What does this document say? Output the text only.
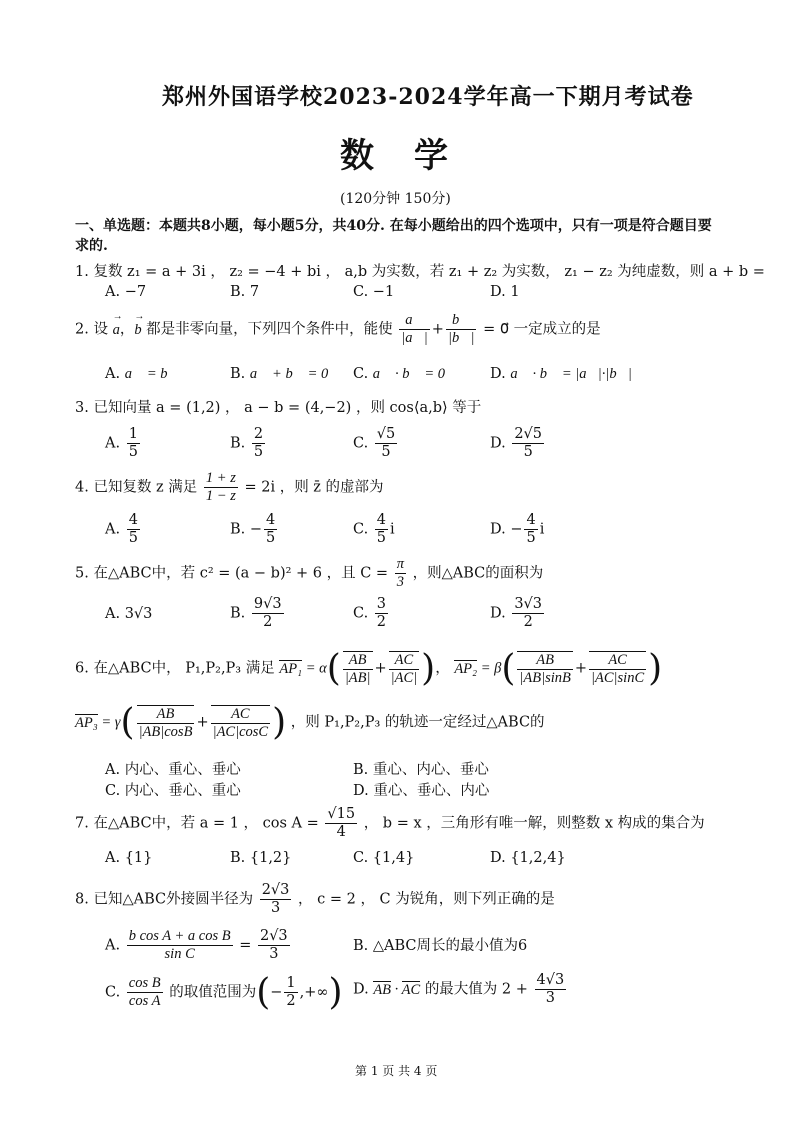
郑州外国语学校2023-2024学年高一下期月考试卷
数学
(120分钟 150分)
一、单选题：本题共8小题，每小题5分，共40分. 在每小题给出的四个选项中，只有一项是符合题目要求的.
1. 复数 z₁ = a + 3i ， z₂ = −4 + bi ， a,b 为实数，若 z₁ + z₂ 为实数， z₁ − z₂ 为纯虚数，则 a + b =
A. −7	B. 7	C. −1	D. 1
2. 设 → a，→ b 都是非零向量，下列四个条件中，能使 $\frac{a⃗}{|a⃗|} + \frac{b⃗}{|b⃗|}$ = 0⃗ 一定成立的是
A. a⃗ = b⃗	B. a⃗ + b⃗ = 0⃗ C. a⃗ · b⃗ = 0	D. a⃗ · b⃗ = |a⃗|·|b⃗|
3. 已知向量 a = (1,2) ， a − b = (4,−2) ，则 cos⟨a,b⟩ 等于
A. $\frac{1}{5}$	B. $\frac{2}{5}$	C. $\frac{√5}{5}$	D. $\frac{2√5}{5}$
4. 已知复数 z 满足 $\frac{1 + z}{1 - z} = 2i$ ，则 z̄ 的虚部为
A. $\frac{4}{5}$	B. − $\frac{4}{5}$	C. $\frac{4}{5}$ i	D. − $\frac{4}{5}$ i
5. 在△ABC中，若 c² = (a − b)² + 6 ，且 $C = \frac{\pi}{3}$ ，则△ABC的面积为
A. 3√3	B. $\frac{9√3}{2}$	C. $\frac{3}{2}$	D. $\frac{3√3}{2}$
6. 在△ABC中， P₁,P₂,P₃ 满足 $AP_1 = \alpha( \frac{AB}{|AB|} + \frac{AC}{|AC|}$ )， $AP_2 = \beta( \frac{AB}{|AB|\sin B} + \frac{AC}{|AC|\sin C}$ )
$AP_3 = \gamma( \frac{AB}{|AB|\cos B} + \frac{AC}{|AC|\cos C}$ ) ，则 P₁,P₂,P₃ 的轨迹一定经过△ABC的
A. 内心、重心、垂心	B. 重心、内心、垂心
C. 内心、垂心、重心	D. 重心、垂心、内心
7. 在△ABC中，若 a = 1 ， $\cos A = \frac{√15}{4}$ ， b = x ，三角形有唯一解，则整数 x 构成的集合为
A. {1}	B. {1,2}	C. {1,4}	D. {1,2,4}
8. 已知△ABC外接圆半径为 $\frac{2√3}{3}$ ， c = 2 ， C 为锐角，则下列正确的是
A. $\frac{\text{b cos A + a cos B}}{\text{sin C}} = \frac{2√3}{3}$	B. △ABC周长的最小值为6
C. $\frac{\text{cos B}}{\text{cos A}}$ 的取值范围为(− $\frac{1}{2}$ ,+∞) D. AB · AC 的最大值为 $2 + \frac{4√3}{3}$
第 1 页 共 4 页
